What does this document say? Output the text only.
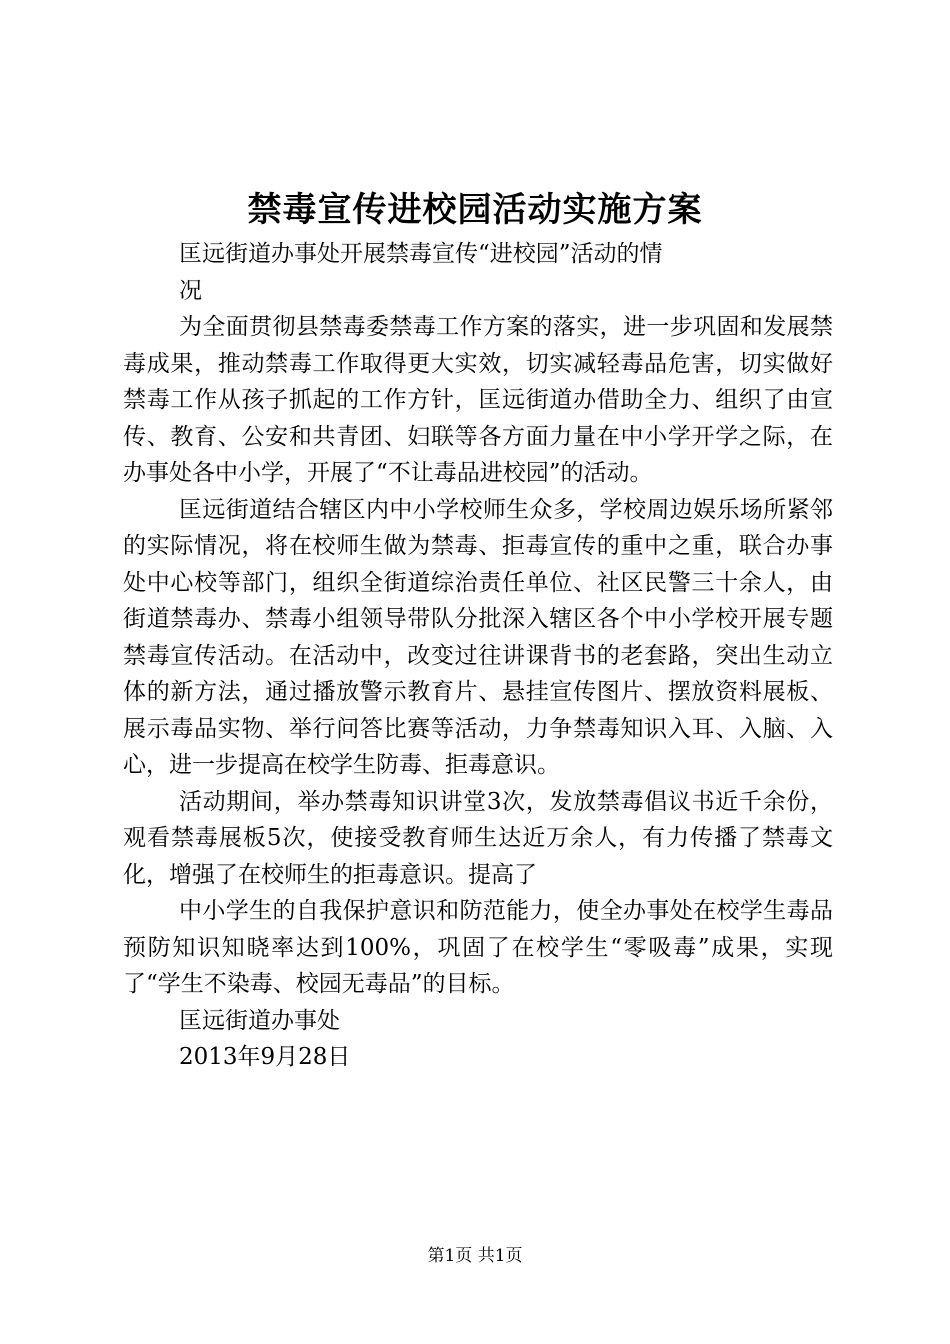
禁毒宣传进校园活动实施方案

匡远街道办事处开展禁毒宣传“进校园”活动的情况

为全面贯彻县禁毒委禁毒工作方案的落实，进一步巩固和发展禁毒成果，推动禁毒工作取得更大实效，切实减轻毒品危害，切实做好禁毒工作从孩子抓起的工作方针，匡远街道办借助全力、组织了由宣传、教育、公安和共青团、妇联等各方面力量在中小学开学之际，在办事处各中小学，开展了“不让毒品进校园”的活动。

匡远街道结合辖区内中小学校师生众多，学校周边娱乐场所紧邻的实际情况，将在校师生做为禁毒、拒毒宣传的重中之重，联合办事处中心校等部门，组织全街道综治责任单位、社区民警三十余人，由街道禁毒办、禁毒小组领导带队分批深入辖区各个中小学校开展专题禁毒宣传活动。在活动中，改变过往讲课背书的老套路，突出生动立体的新方法，通过播放警示教育片、悬挂宣传图片、摆放资料展板、展示毒品实物、举行问答比赛等活动，力争禁毒知识入耳、入脑、入心，进一步提高在校学生防毒、拒毒意识。

活动期间，举办禁毒知识讲堂3次，发放禁毒倡议书近千余份，观看禁毒展板5次，使接受教育师生达近万余人，有力传播了禁毒文化，增强了在校师生的拒毒意识。提高了

中小学生的自我保护意识和防范能力，使全办事处在校学生毒品预防知识知晓率达到100%，巩固了在校学生“零吸毒”成果，实现了“学生不染毒、校园无毒品”的目标。

匡远街道办事处

2013年9月28日

第1页 共1页
